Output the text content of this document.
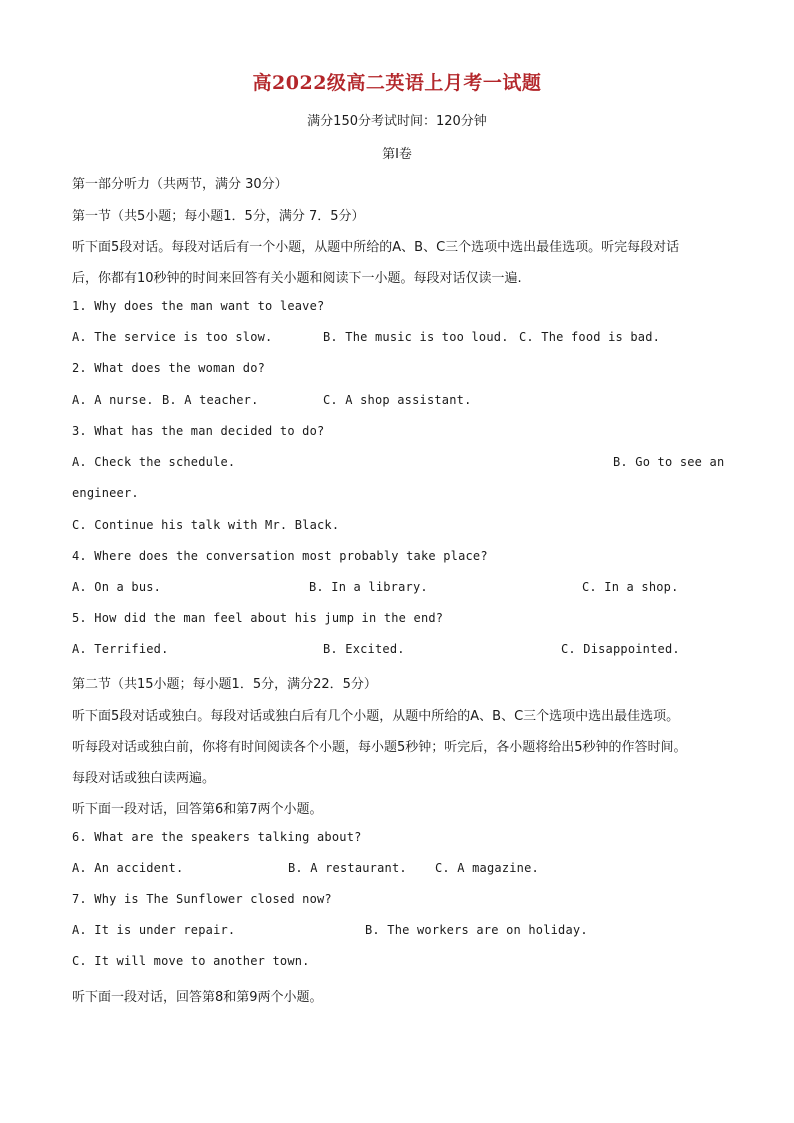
高2022级高二英语上月考一试题
满分150分考试时间：120分钟
第I卷
第一部分听力（共两节，满分 30分）
第一节（共5小题；每小题1．5分，满分 7．5分）
听下面5段对话。每段对话后有一个小题，从题中所给的A、B、C三个选项中选出最佳选项。听完每段对话
后，你都有10秒钟的时间来回答有关小题和阅读下一小题。每段对话仅读一遍.
1. Why does the man want to leave?
A. The service is too slow.	B. The music is too loud. C. The food is bad.
2. What does the woman do?
A. A nurse. B. A teacher.	C. A shop assistant.
3. What has the man decided to do?
A. Check the schedule.	B. Go to see an
engineer.
C. Continue his talk with Mr. Black.
4. Where does the conversation most probably take place?
A. On a bus.	B. In a library.	C. In a shop.
5. How did the man feel about his jump in the end?
A. Terrified.	B. Excited.	C. Disappointed.
第二节（共15小题；每小题1．5分，满分22．5分）
听下面5段对话或独白。每段对话或独白后有几个小题，从题中所给的A、B、C三个选项中选出最佳选项。
听每段对话或独白前，你将有时间阅读各个小题，每小题5秒钟；听完后，各小题将给出5秒钟的作答时间。
每段对话或独白读两遍。
听下面一段对话，回答第6和第7两个小题。
6. What are the speakers talking about?
A. An accident.	B. A restaurant. C. A magazine.
7. Why is The Sunflower closed now?
A. It is under repair.	B. The workers are on holiday.
C. It will move to another town.
听下面一段对话，回答第8和第9两个小题。
